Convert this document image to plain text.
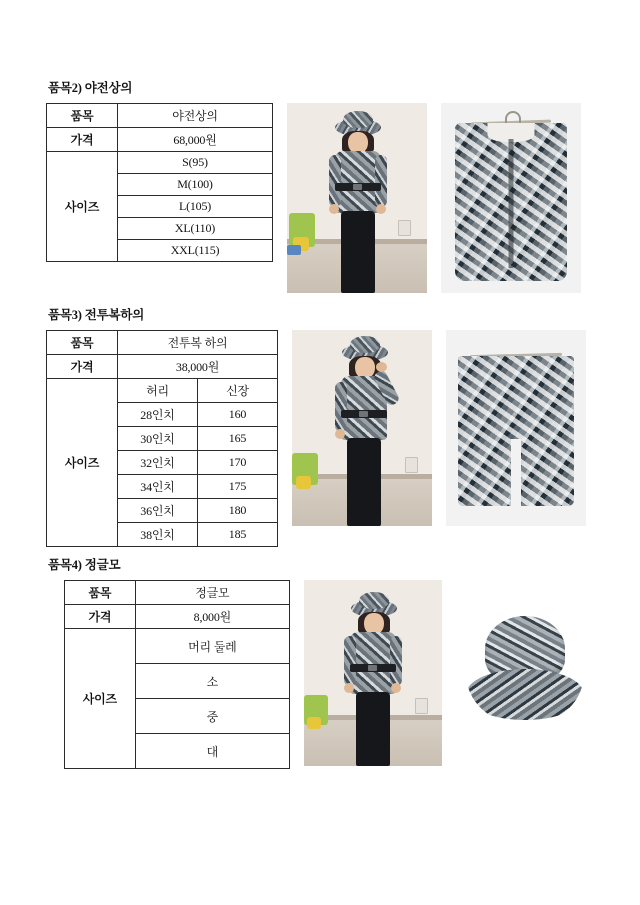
품목2) 야전상의
품목	야전상의
가격	68,000원
사이즈	S(95)
	M(100)
	L(105)
	XL(110)
	XXL(115)
품목3) 전투복하의
품목	전투복 하의	
가격	38,000원	
사이즈	허리	신장
	28인치	160
	30인치	165
	32인치	170
	34인치	175
	36인치	180
	38인치	185
품목4) 정글모
품목	정글모
가격	8,000원
사이즈	머리 둘레
	소
	중
	대
